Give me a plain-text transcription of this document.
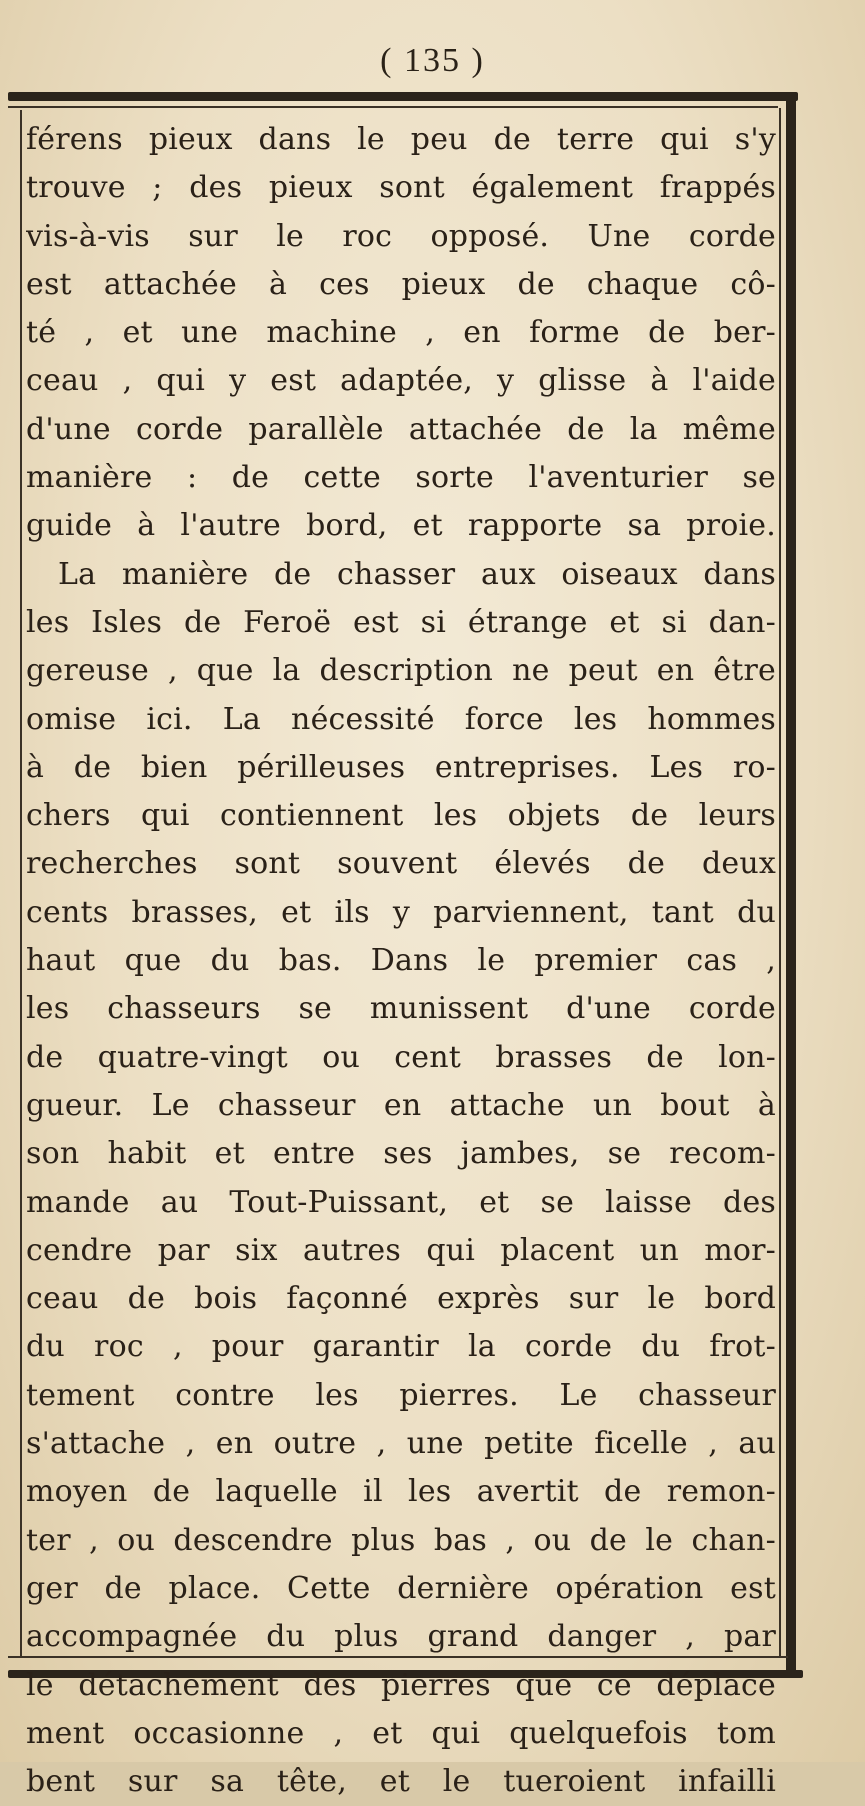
( 135 )
férens pieux dans le peu de terre qui s'y
trouve ; des pieux sont également frappés
vis-à-vis sur le roc opposé. Une corde
est attachée à ces pieux de chaque cô-
té , et une machine , en forme de ber-
ceau , qui y est adaptée, y glisse à l'aide
d'une corde parallèle attachée de la même
manière : de cette sorte l'aventurier se
guide à l'autre bord, et rapporte sa proie.
La manière de chasser aux oiseaux dans
les Isles de Feroë est si étrange et si dan-
gereuse , que la description ne peut en être
omise ici. La nécessité force les hommes
à de bien périlleuses entreprises. Les ro-
chers qui contiennent les objets de leurs
recherches sont souvent élevés de deux
cents brasses, et ils y parviennent, tant du
haut que du bas. Dans le premier cas ,
les chasseurs se munissent d'une corde
de quatre-vingt ou cent brasses de lon-
gueur. Le chasseur en attache un bout à
son habit et entre ses jambes, se recom-
mande au Tout-Puissant, et se laisse des
cendre par six autres qui placent un mor-
ceau de bois façonné exprès sur le bord
du roc , pour garantir la corde du frot-
tement contre les pierres. Le chasseur
s'attache , en outre , une petite ficelle , au
moyen de laquelle il les avertit de remon-
ter , ou descendre plus bas , ou de le chan-
ger de place. Cette dernière opération est
accompagnée du plus grand danger , par
le détachement des pierres que ce déplace
ment occasionne , et qui quelquefois tom
bent sur sa tête, et le tueroient infailli
